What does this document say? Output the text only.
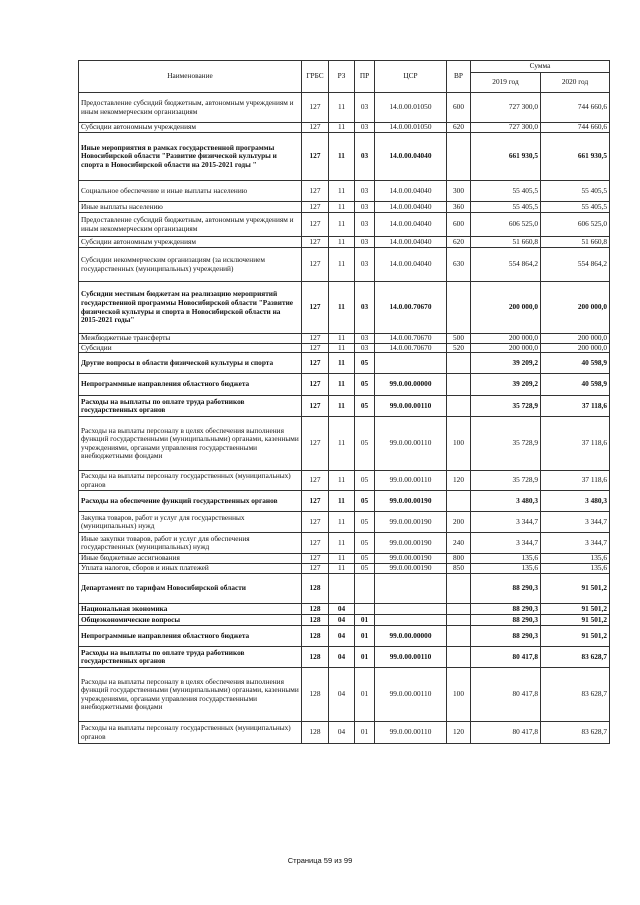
Наименование	ГРБС	РЗ	ПР	ЦСР	ВР	Сумма	
						2019 год	2020 год
Предоставление субсидий бюджетным, автономным учреждениям и иным некоммерческим организациям	127	11	03	14.0.00.01050	600	727 300,0	744 660,6
Субсидии автономным учреждениям	127	11	03	14.0.00.01050	620	727 300,0	744 660,6
Иные мероприятия в рамках государственной программы Новосибирской области "Развитие физической культуры и спорта в Новосибирской области на 2015-2021 годы "	127	11	03	14.0.00.04040		661 930,5	661 930,5
Социальное обеспечение и иные выплаты населению	127	11	03	14.0.00.04040	300	55 405,5	55 405,5
Иные выплаты населению	127	11	03	14.0.00.04040	360	55 405,5	55 405,5
Предоставление субсидий бюджетным, автономным учреждениям и иным некоммерческим организациям	127	11	03	14.0.00.04040	600	606 525,0	606 525,0
Субсидии автономным учреждениям	127	11	03	14.0.00.04040	620	51 660,8	51 660,8
Субсидии некоммерческим организациям (за исключением государственных (муниципальных) учреждений)	127	11	03	14.0.00.04040	630	554 864,2	554 864,2
Субсидии местным бюджетам на реализацию мероприятий государственной программы Новосибирской области "Развитие физической культуры и спорта в Новосибирской области на 2015-2021 годы"	127	11	03	14.0.00.70670		200 000,0	200 000,0
Межбюджетные трансферты	127	11	03	14.0.00.70670	500	200 000,0	200 000,0
Субсидии	127	11	03	14.0.00.70670	520	200 000,0	200 000,0
Другие вопросы в области физической культуры и спорта	127	11	05			39 209,2	40 598,9
Непрограммные направления областного бюджета	127	11	05	99.0.00.00000		39 209,2	40 598,9
Расходы на выплаты по оплате труда работников государственных органов	127	11	05	99.0.00.00110		35 728,9	37 118,6
Расходы на выплаты персоналу в целях обеспечения выполнения функций государственными (муниципальными) органами, казенными учреждениями, органами управления государственными внебюджетными фондами	127	11	05	99.0.00.00110	100	35 728,9	37 118,6
Расходы на выплаты персоналу государственных (муниципальных) органов	127	11	05	99.0.00.00110	120	35 728,9	37 118,6
Расходы на обеспечение функций государственных органов	127	11	05	99.0.00.00190		3 480,3	3 480,3
Закупка товаров, работ и услуг для государственных (муниципальных) нужд	127	11	05	99.0.00.00190	200	3 344,7	3 344,7
Иные закупки товаров, работ и услуг для обеспечения государственных (муниципальных) нужд	127	11	05	99.0.00.00190	240	3 344,7	3 344,7
Иные бюджетные ассигнования	127	11	05	99.0.00.00190	800	135,6	135,6
Уплата налогов, сборов и иных платежей	127	11	05	99.0.00.00190	850	135,6	135,6
Департамент по тарифам Новосибирской области	128					88 290,3	91 501,2
Национальная экономика	128	04				88 290,3	91 501,2
Общеэкономические вопросы	128	04	01			88 290,3	91 501,2
Непрограммные направления областного бюджета	128	04	01	99.0.00.00000		88 290,3	91 501,2
Расходы на выплаты по оплате труда работников государственных органов	128	04	01	99.0.00.00110		80 417,8	83 628,7
Расходы на выплаты персоналу в целях обеспечения выполнения функций государственными (муниципальными) органами, казенными учреждениями, органами управления государственными внебюджетными фондами	128	04	01	99.0.00.00110	100	80 417,8	83 628,7
Расходы на выплаты персоналу государственных (муниципальных) органов	128	04	01	99.0.00.00110	120	80 417,8	83 628,7
Страница 59 из 99
